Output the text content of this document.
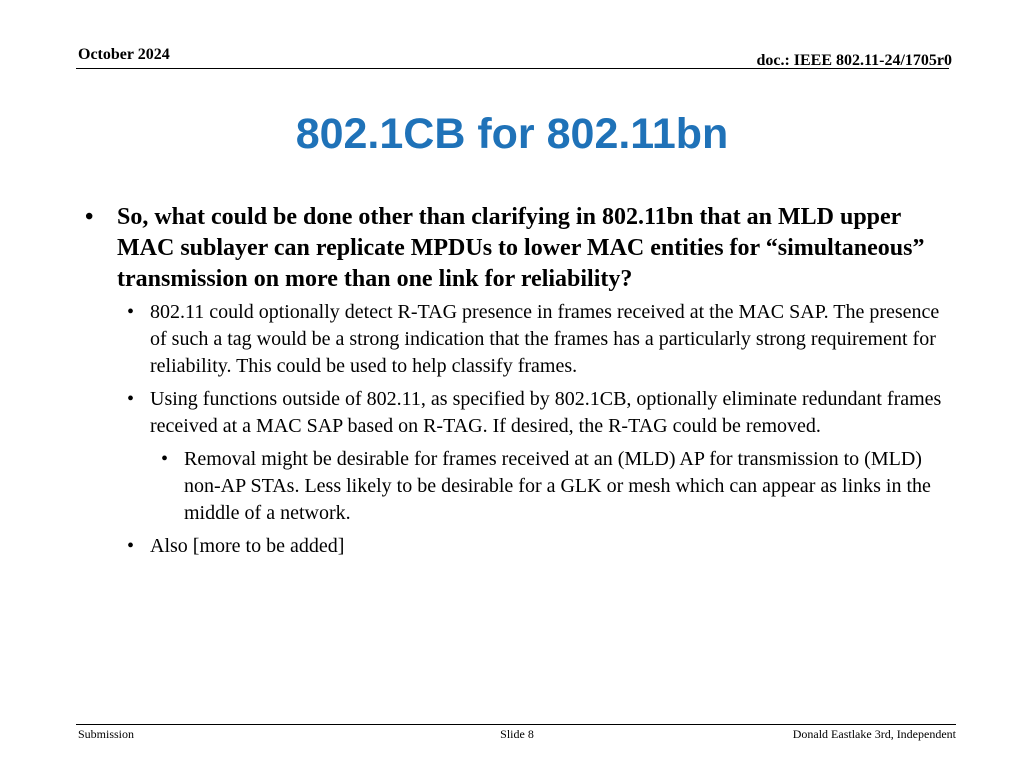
October 2024	doc.: IEEE 802.11-24/1705r0
802.1CB for 802.11bn
• So, what could be done other than clarifying in 802.11bn that an MLD upper MAC sublayer can replicate MPDUs to lower MAC entities for “simultaneous” transmission on more than one link for reliability?
• 802.11 could optionally detect R-TAG presence in frames received at the MAC SAP. The presence of such a tag would be a strong indication that the frames has a particularly strong requirement for reliability. This could be used to help classify frames.
• Using functions outside of 802.11, as specified by 802.1CB, optionally eliminate redundant frames received at a MAC SAP based on R-TAG. If desired, the R-TAG could be removed.
• Removal might be desirable for frames received at an (MLD) AP for transmission to (MLD) non-AP STAs. Less likely to be desirable for a GLK or mesh which can appear as links in the middle of a network.
• Also [more to be added]
Submission	Slide 8	Donald Eastlake 3rd, Independent
